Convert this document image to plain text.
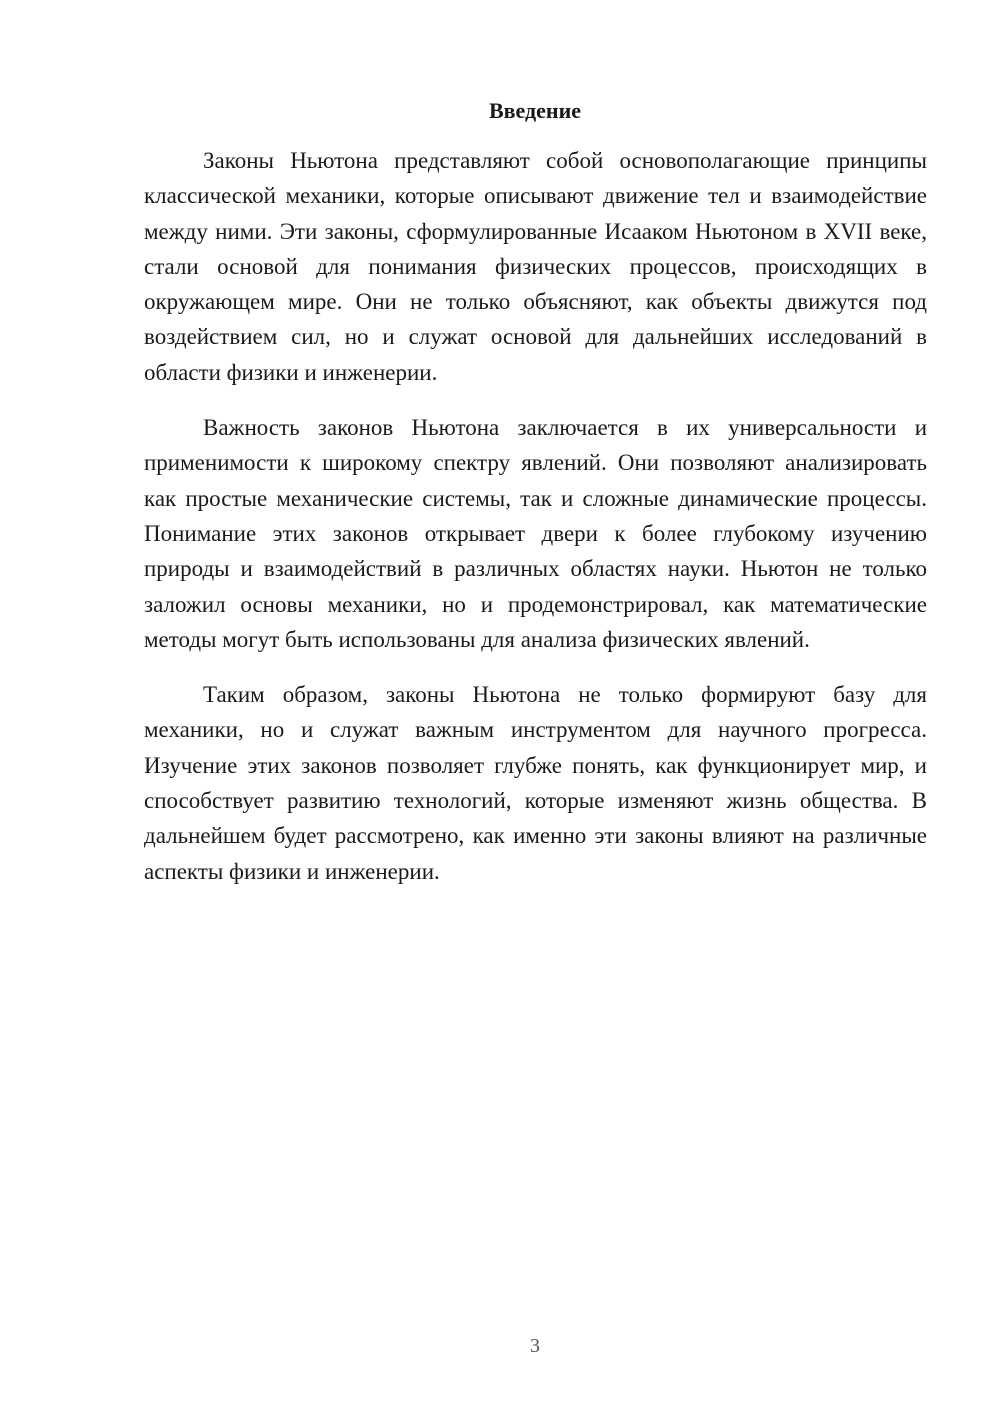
Введение

Законы Ньютона представляют собой основополагающие принципы классической механики, которые описывают движение тел и взаимодействие между ними. Эти законы, сформулированные Исааком Ньютоном в XVII веке, стали основой для понимания физических процессов, происходящих в окружающем мире. Они не только объясняют, как объекты движутся под воздействием сил, но и служат основой для дальнейших исследований в области физики и инженерии.

Важность законов Ньютона заключается в их универсальности и применимости к широкому спектру явлений. Они позволяют анализировать как простые механические системы, так и сложные динамические процессы. Понимание этих законов открывает двери к более глубокому изучению природы и взаимодействий в различных областях науки. Ньютон не только заложил основы механики, но и продемонстрировал, как математические методы могут быть использованы для анализа физических явлений.

Таким образом, законы Ньютона не только формируют базу для механики, но и служат важным инструментом для научного прогресса. Изучение этих законов позволяет глубже понять, как функционирует мир, и способствует развитию технологий, которые изменяют жизнь общества. В дальнейшем будет рассмотрено, как именно эти законы влияют на различные аспекты физики и инженерии.

3
